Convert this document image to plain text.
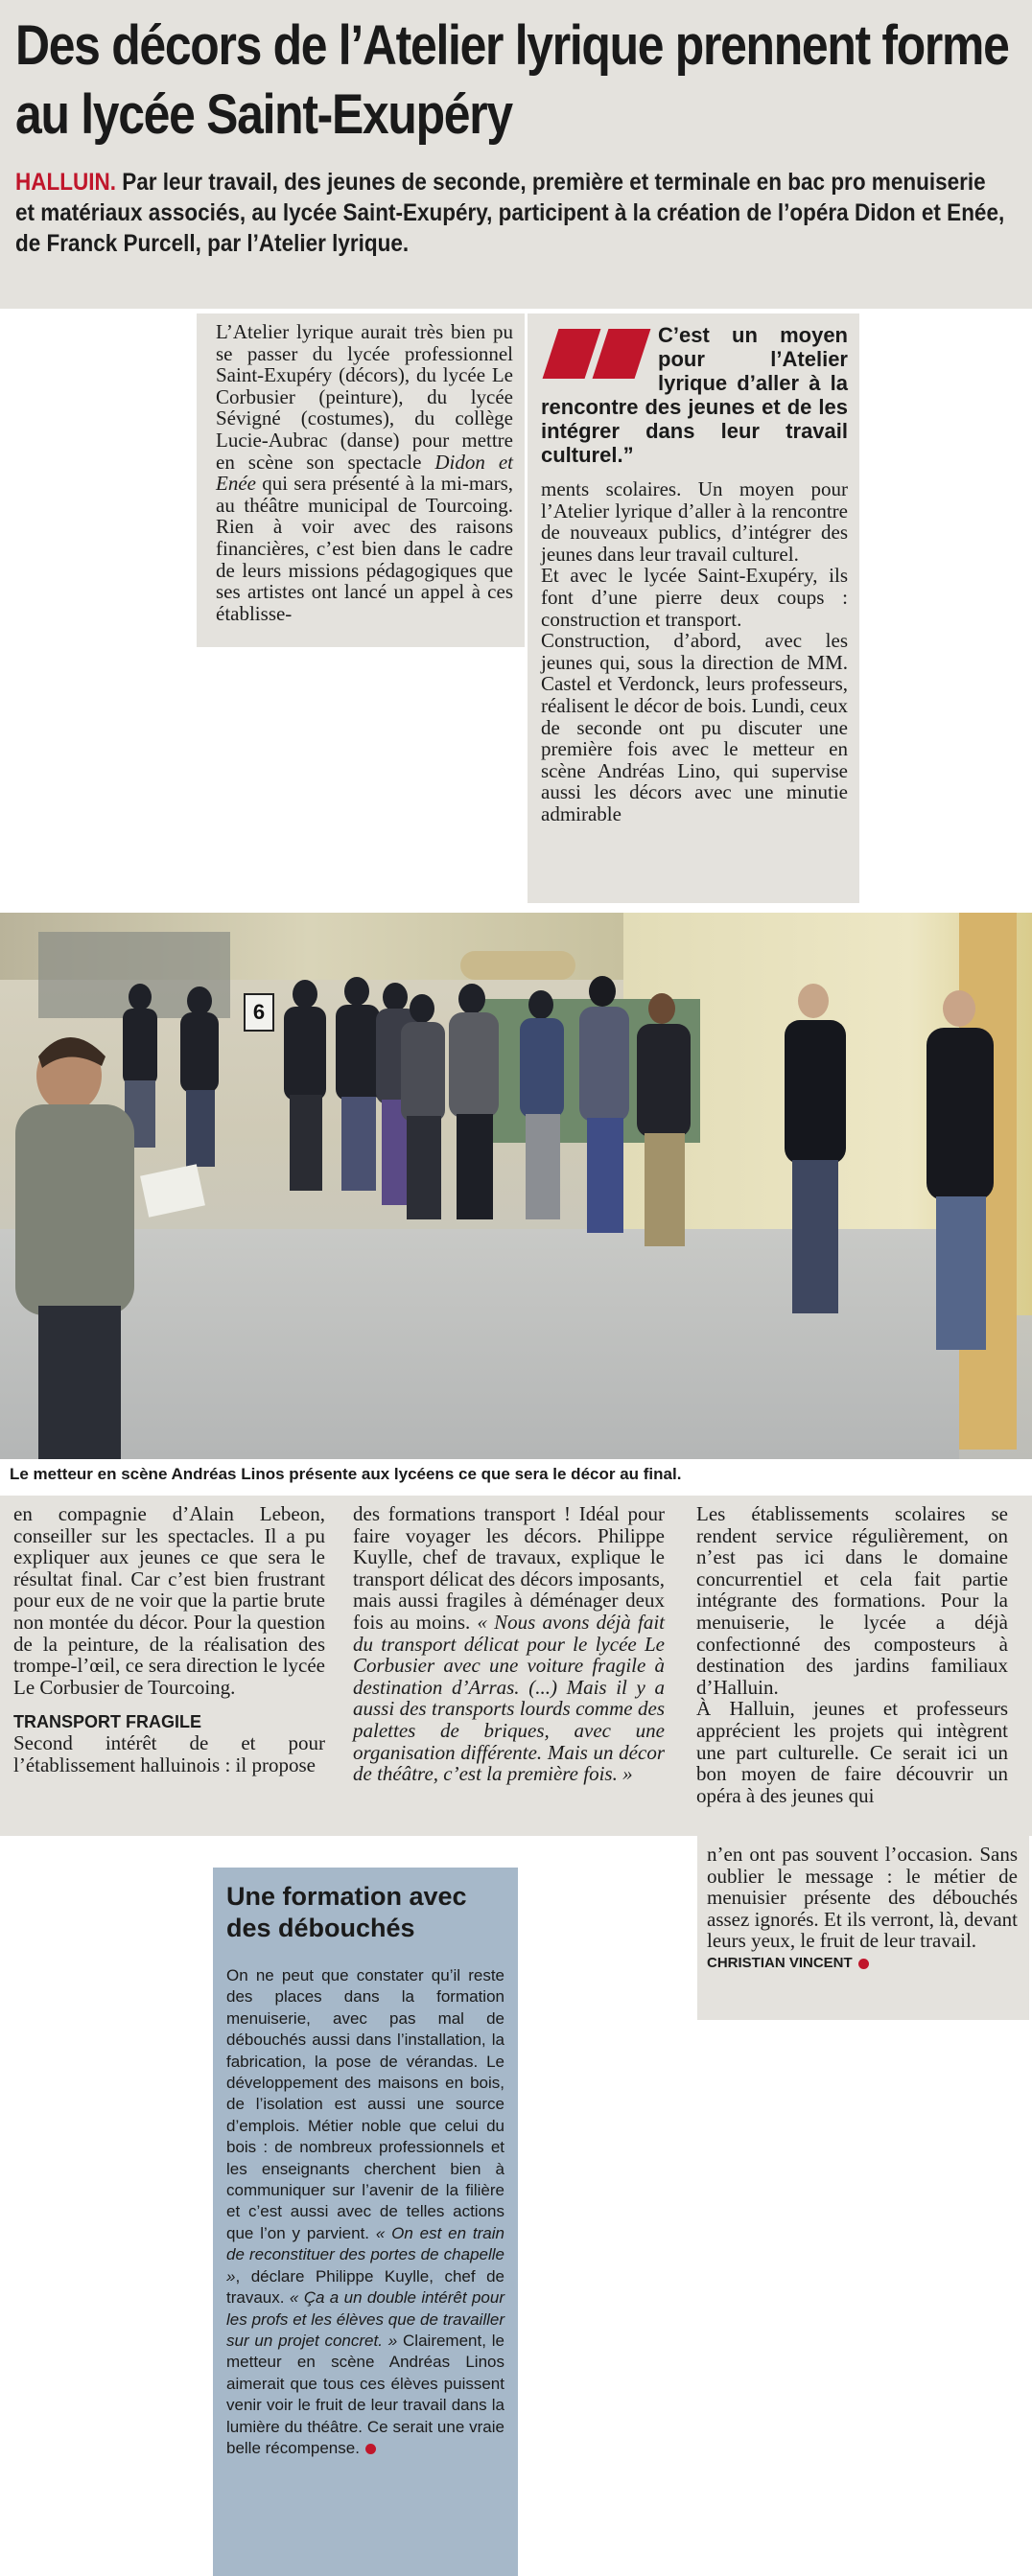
Des décors de l’Atelier lyrique prennent forme au lycée Saint-Exupéry
HALLUIN. Par leur travail, des jeunes de seconde, première et terminale en bac pro menuiserie et matériaux associés, au lycée Saint-Exupéry, participent à la création de l’opéra Didon et Enée, de Franck Purcell, par l’Atelier lyrique.
L’Atelier lyrique aurait très bien pu se passer du lycée professionnel Saint-Exupéry (décors), du lycée Le Corbusier (peinture), du lycée Sévigné (costumes), du collège Lucie-Aubrac (danse) pour mettre en scène son spectacle Didon et Enée qui sera présenté à la mi-mars, au théâtre municipal de Tourcoing. Rien à voir avec des raisons financières, c’est bien dans le cadre de leurs missions pédagogiques que ses artistes ont lancé un appel à ces établisse-
C’est un moyen pour l’Atelier lyrique d’aller à la rencontre des jeunes et de les intégrer dans leur travail culturel.”
ments scolaires. Un moyen pour l’Atelier lyrique d’aller à la rencontre de nouveaux publics, d’intégrer des jeunes dans leur travail culturel.
Et avec le lycée Saint-Exupéry, ils font d’une pierre deux coups : construction et transport.
Construction, d’abord, avec les jeunes qui, sous la direction de MM. Castel et Verdonck, leurs professeurs, réalisent le décor de bois. Lundi, ceux de seconde ont pu discuter une première fois avec le metteur en scène Andréas Lino, qui supervise aussi les décors avec une minutie admirable
6
Le metteur en scène Andréas Linos présente aux lycéens ce que sera le décor au final.
en compagnie d’Alain Lebeon, conseiller sur les spectacles. Il a pu expliquer aux jeunes ce que sera le résultat final. Car c’est bien frustrant pour eux de ne voir que la partie brute non montée du décor. Pour la question de la peinture, de la réalisation des trompe-l’œil, ce sera direction le lycée Le Corbusier de Tourcoing.
TRANSPORT FRAGILE
Second intérêt de et pour l’établissement halluinois : il propose
des formations transport ! Idéal pour faire voyager les décors. Philippe Kuylle, chef de travaux, explique le transport délicat des décors imposants, mais aussi fragiles à déménager deux fois au moins. « Nous avons déjà fait du transport délicat pour le lycée Le Corbusier avec une voiture fragile à destination d’Arras. (...) Mais il y a aussi des transports lourds comme des palettes de briques, avec une organisation différente. Mais un décor de théâtre, c’est la première fois. »
Les établissements scolaires se rendent service régulièrement, on n’est pas ici dans le domaine concurrentiel et cela fait partie intégrante des formations. Pour la menuiserie, le lycée a déjà confectionné des composteurs à destination des jardins familiaux d’Halluin.
À Halluin, jeunes et professeurs apprécient les projets qui intègrent une part culturelle. Ce serait ici un bon moyen de faire découvrir un opéra à des jeunes qui
n’en ont pas souvent l’occasion. Sans oublier le message : le métier de menuisier présente des débouchés assez ignorés. Et ils verront, là, devant leurs yeux, le fruit de leur travail.
CHRISTIAN VINCENT
Une formation avec des débouchés
On ne peut que constater qu’il reste des places dans la formation menuiserie, avec pas mal de débouchés aussi dans l’installation, la fabrication, la pose de vérandas. Le développement des maisons en bois, de l’isolation est aussi une source d’emplois. Métier noble que celui du bois : de nombreux professionnels et les enseignants cherchent bien à communiquer sur l’avenir de la filière et c’est aussi avec de telles actions que l’on y parvient. « On est en train de reconstituer des portes de chapelle », déclare Philippe Kuylle, chef de travaux. « Ça a un double intérêt pour les profs et les élèves que de travailler sur un projet concret. » Clairement, le metteur en scène Andréas Linos aimerait que tous ces élèves puissent venir voir le fruit de leur travail dans la lumière du théâtre. Ce serait une vraie belle récompense.
